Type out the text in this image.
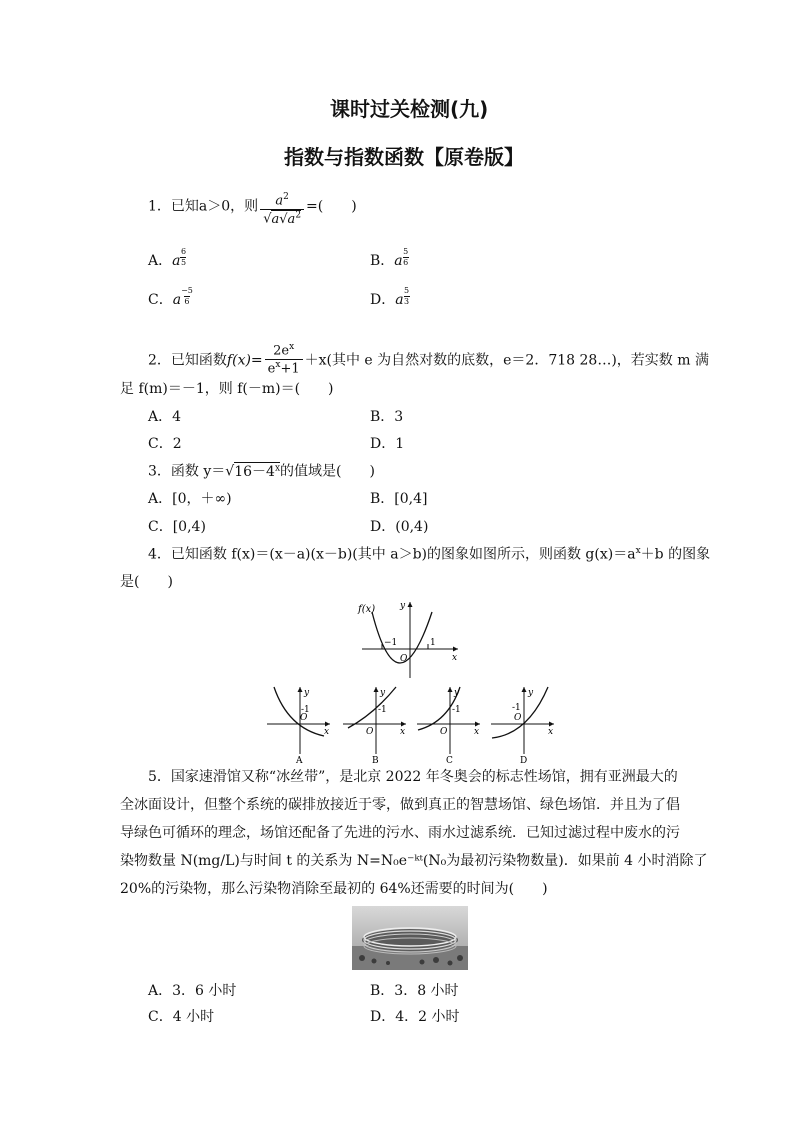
课时过关检测(九)
指数与指数函数【原卷版】
1．已知a＞0，则 $\frac{a^2}{√a√a^2}$ =(　　)
A．a $\frac{6}{5}$	B．a $\frac{5}{6}$
C．a $\frac{-5}{6}$	D．a $\frac{5}{3}$
2．已知函数$f(x)= \frac{2e^x}{e^x+1} +x$(其中 e 为自然对数的底数，e＝2．718 28…)，若实数 m 满
足 f(m)＝－1，则 f(－m)＝(　　)
A．4	B．3
C．2	D．1
3．函数 $y=√16-4^x$的值域是(　　)
A．[0，＋∞)	B．[0,4]
C．[0,4)	D．(0,4)
4．已知函数 f(x)＝(x－a)(x－b)(其中 a＞b)的图象如图所示，则函数 $g(x)=a^x+b$ 的图象
是(　　)
f(x)	y
x
O
−1	1
y
x
O
-1
A
y
x
O
-1
B
y
x
O
-1
C
y
x
O
-1
D
5．国家速滑馆又称“冰丝带”，是北京 2022 年冬奥会的标志性场馆，拥有亚洲最大的
全冰面设计，但整个系统的碳排放接近于零，做到真正的智慧场馆、绿色场馆．并且为了倡
导绿色可循环的理念，场馆还配备了先进的污水、雨水过滤系统．已知过滤过程中废水的污
染物数量 N(mg/L)与时间 t 的关系为 N=N₀e⁻ᵏᵗ(N₀为最初污染物数量)．如果前 4 小时消除了
20%的污染物，那么污染物消除至最初的 64%还需要的时间为(　　)
A．3．6 小时	B．3．8 小时
C．4 小时	D．4．2 小时
